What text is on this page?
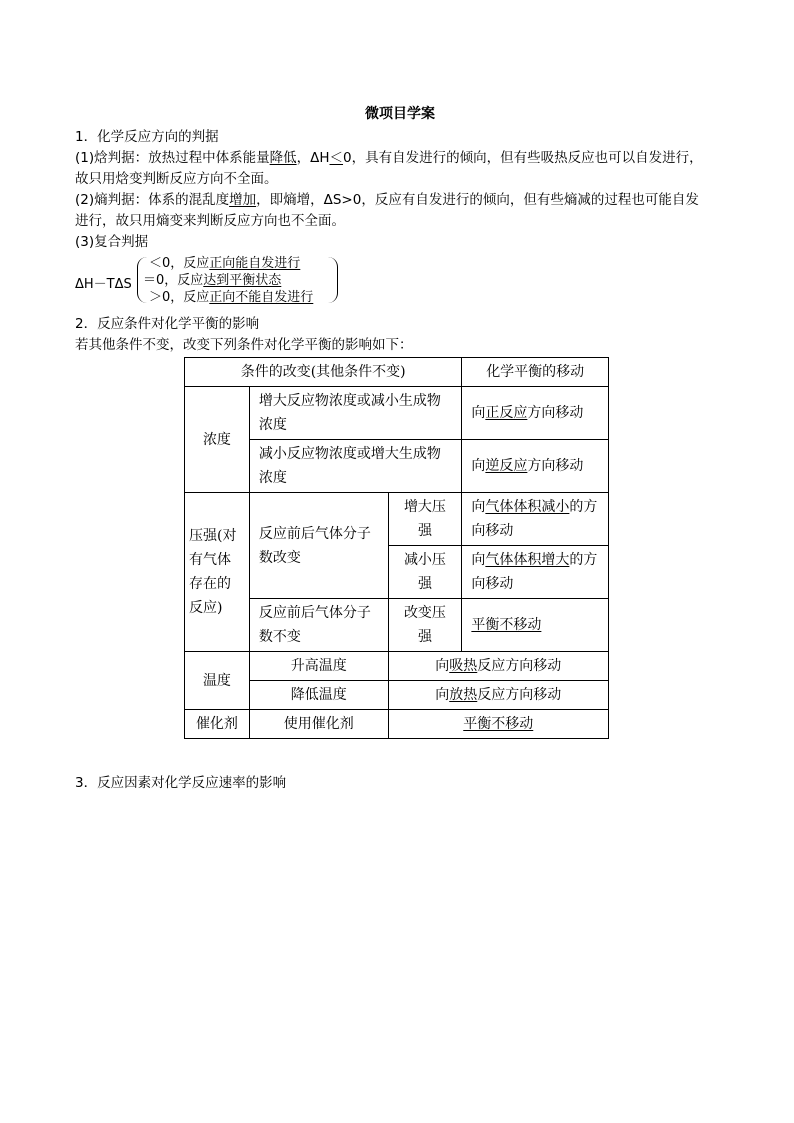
微项目学案
1．化学反应方向的判据
(1)焓判据：放热过程中体系能量降低，ΔH＜0，具有自发进行的倾向，但有些吸热反应也可以自发进行，
故只用焓变判断反应方向不全面。
(2)熵判据：体系的混乱度增加，即熵增，ΔS>0，反应有自发进行的倾向，但有些熵减的过程也可能自发
进行，故只用熵变来判断反应方向也不全面。
(3)复合判据
ΔH－TΔS
＜0，反应正向能自发进行
＝0，反应达到平衡状态
＞0，反应正向不能自发进行
2．反应条件对化学平衡的影响
若其他条件不变，改变下列条件对化学平衡的影响如下：
条件的改变(其他条件不变)			化学平衡的移动
浓度	增大反应物浓度或减小生成物浓度		向正反应方向移动
	减小反应物浓度或增大生成物浓度		向逆反应方向移动
压强(对有气体存在的反应)	反应前后气体分子数改变	增大压强	向气体体积减小的方向移动
		减小压强	向气体体积增大的方向移动
	反应前后气体分子数不变	改变压强	平衡不移动
温度	升高温度	向吸热反应方向移动	
	降低温度	向放热反应方向移动	
催化剂	使用催化剂	平衡不移动	
3．反应因素对化学反应速率的影响
